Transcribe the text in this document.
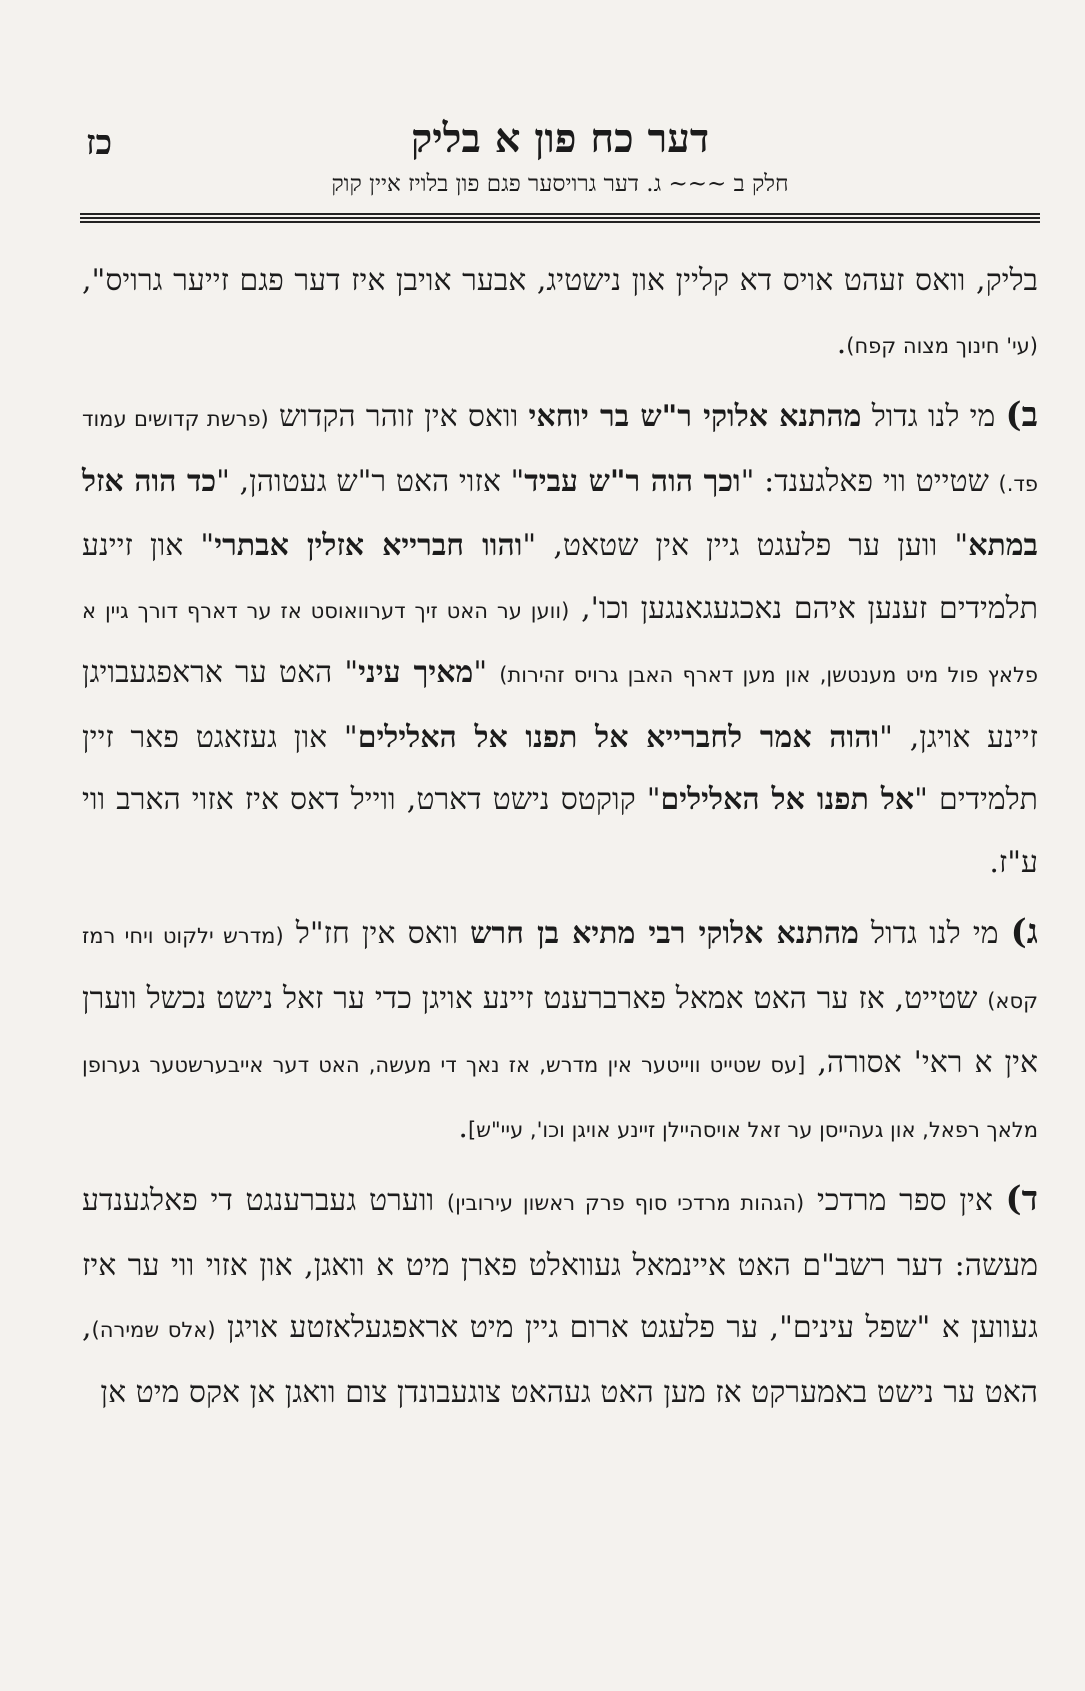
כז	דער כח פון א בליק
חלק ב ~~~ ג. דער גרויסער פגם פון בלויז איין קוק

בליק, וואס זעהט אויס דא קליין און נישטיג, אבער אויבן איז דער פגם זייער גרויס", (עי' חינוך מצוה קפח).

ב) מי לנו גדול מהתנא אלוקי ר"ש בר יוחאי וואס אין זוהר הקדוש (פרשת קדושים עמוד פד.) שטייט ווי פאלגענד: "וכך הוה ר"ש עביד" אזוי האט ר"ש געטוהן, "כד הוה אזל במתא" ווען ער פלעגט גיין אין שטאט, "והוו חברייא אזלין אבתרי" און זיינע תלמידים זענען איהם נאכגעגאנגען וכו', (ווען ער האט זיך דערוואוסט אז ער דארף דורך גיין א פלאץ פול מיט מענטשן, און מען דארף האבן גרויס זהירות) "מאיך עיני" האט ער אראפגעבויגן זיינע אויגן, "והוה אמר לחברייא אל תפנו אל האלילים" און געזאגט פאר זיין תלמידים "אל תפנו אל האלילים" קוקטס נישט דארט, ווייל דאס איז אזוי הארב ווי ע"ז.

ג) מי לנו גדול מהתנא אלוקי רבי מתיא בן חרש וואס אין חז"ל (מדרש ילקוט ויחי רמז קסא) שטייט, אז ער האט אמאל פארברענט זיינע אויגן כדי ער זאל נישט נכשל ווערן אין א ראי' אסורה, [עס שטייט ווייטער אין מדרש, אז נאך די מעשה, האט דער אייבערשטער גערופן מלאך רפאל, און געהייסן ער זאל אויסהיילן זיינע אויגן וכו', עיי"ש].

ד) אין ספר מרדכי (הגהות מרדכי סוף פרק ראשון עירובין) ווערט געברענגט די פאלגענדע מעשה: דער רשב"ם האט איינמאל געוואלט פארן מיט א וואגן, און אזוי ווי ער איז געווען א "שפל עינים", ער פלעגט ארום גיין מיט אראפגעלאזטע אויגן (אלס שמירה), האט ער נישט באמערקט אז מען האט געהאט צוגעבונדן צום וואגן אן אקס מיט אן
